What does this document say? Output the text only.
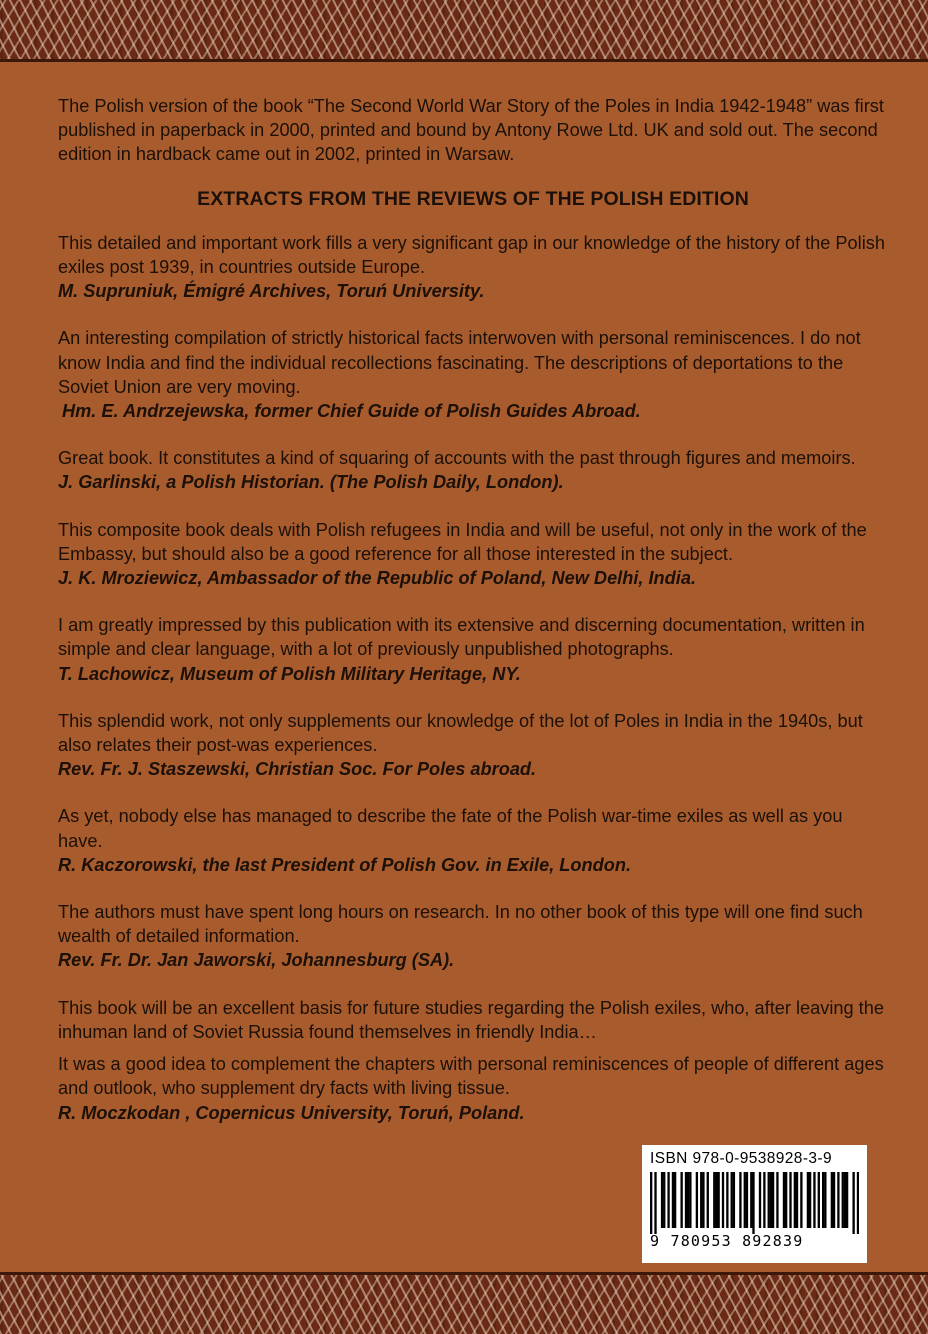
The Polish version of the book “The Second World War Story of the Poles in India 1942-1948” was first published in paperback in 2000, printed and bound by Antony Rowe Ltd. UK and sold out. The second edition in hardback came out in 2002, printed in Warsaw.

EXTRACTS FROM THE REVIEWS OF THE POLISH EDITION

This detailed and important work fills a very significant gap in our knowledge of the history of the Polish exiles post 1939, in countries outside Europe.

M. Supruniuk, Émigré Archives, Toruń University.

An interesting compilation of strictly historical facts interwoven with personal reminiscences. I do not know India and find the individual recollections fascinating. The descriptions of deportations to the Soviet Union are very moving.

Hm. E. Andrzejewska, former Chief Guide of Polish Guides Abroad.

Great book. It constitutes a kind of squaring of accounts with the past through figures and memoirs.

J. Garlinski, a Polish Historian. (The Polish Daily, London).

This composite book deals with Polish refugees in India and will be useful, not only in the work of the Embassy, but should also be a good reference for all those interested in the subject.

J. K. Mroziewicz, Ambassador of the Republic of Poland, New Delhi, India.

I am greatly impressed by this publication with its extensive and discerning documentation, written in simple and clear language, with a lot of previously unpublished photographs.

T. Lachowicz, Museum of Polish Military Heritage, NY.

This splendid work, not only supplements our knowledge of the lot of Poles in India in the 1940s, but also relates their post-was experiences.

Rev. Fr. J. Staszewski, Christian Soc. For Poles abroad.

As yet, nobody else has managed to describe the fate of the Polish war-time exiles as well as you have.

R. Kaczorowski, the last President of Polish Gov. in Exile, London.

The authors must have spent long hours on research. In no other book of this type will one find such wealth of detailed information.

Rev. Fr. Dr. Jan Jaworski, Johannesburg (SA).

This book will be an excellent basis for future studies regarding the Polish exiles, who, after leaving the inhuman land of Soviet Russia found themselves in friendly India…

It was a good idea to complement the chapters with personal reminiscences of people of different ages and outlook, who supplement dry facts with living tissue.

R. Moczkodan , Copernicus University, Toruń, Poland.

ISBN 978-0-9538928-3-9
9 780953 892839
